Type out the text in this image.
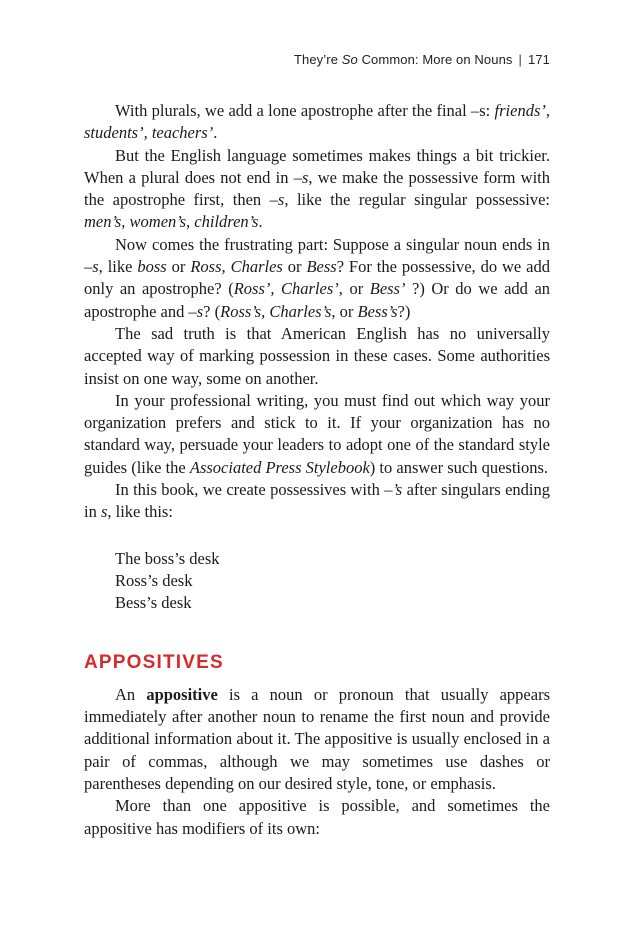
They’re So Common: More on Nouns | 171

With plurals, we add a lone apostrophe after the final –s: friends’, students’, teachers’.

But the English language sometimes makes things a bit trickier. When a plural does not end in –s, we make the possessive form with the apostrophe first, then –s, like the regular singular possessive: men’s, women’s, children’s.

Now comes the frustrating part: Suppose a singular noun ends in –s, like boss or Ross, Charles or Bess? For the possessive, do we add only an apostrophe? (Ross’, Charles’, or Bess’ ?) Or do we add an apostrophe and –s? (Ross’s, Charles’s, or Bess’s?)

The sad truth is that American English has no universally accepted way of marking possession in these cases. Some authorities insist on one way, some on another.

In your professional writing, you must find out which way your organization prefers and stick to it. If your organization has no standard way, persuade your leaders to adopt one of the standard style guides (like the Associated Press Stylebook) to answer such questions.

In this book, we create possessives with –’s after singulars ending in s, like this:

The boss’s desk
Ross’s desk
Bess’s desk
APPOSITIVES

An appositive is a noun or pronoun that usually appears immediately after another noun to rename the first noun and provide additional information about it. The appositive is usually enclosed in a pair of commas, although we may sometimes use dashes or parentheses depending on our desired style, tone, or emphasis.

More than one appositive is possible, and sometimes the appositive has modifiers of its own:
